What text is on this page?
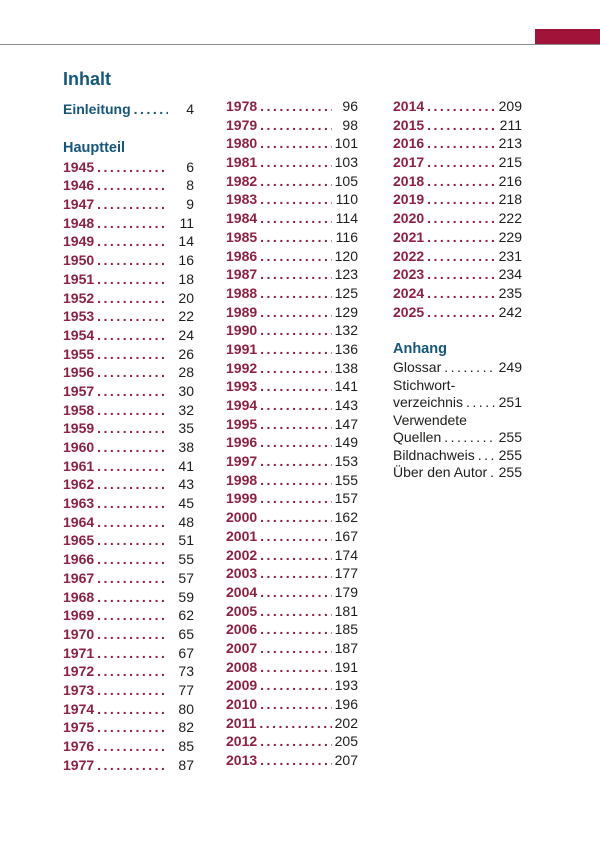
Inhalt
Einleitung .....	4
Hauptteil
1945 .....	6
1946 .....	8
1947 .....	9
1948 .....	11
1949 .....	14
1950 .....	16
1951 .....	18
1952 .....	20
1953 .....	22
1954 .....	24
1955 .....	26
1956 .....	28
1957 .....	30
1958 .....	32
1959 .....	35
1960 .....	38
1961 .....	41
1962 .....	43
1963 .....	45
1964 .....	48
1965 .....	51
1966 .....	55
1967 .....	57
1968 .....	59
1969 .....	62
1970 .....	65
1971 .....	67
1972 .....	73
1973 .....	77
1974 .....	80
1975 .....	82
1976 .....	85
1977 .....	87
1978 .....	96
1979 .....	98
1980 .....	101
1981 .....	103
1982 .....	105
1983 .....	110
1984 .....	114
1985 .....	116
1986 .....	120
1987 .....	123
1988 .....	125
1989 .....	129
1990 .....	132
1991 .....	136
1992 .....	138
1993 .....	141
1994 .....	143
1995 .....	147
1996 .....	149
1997 .....	153
1998 .....	155
1999 .....	157
2000 .....	162
2001 .....	167
2002 .....	174
2003 .....	177
2004 .....	179
2005 .....	181
2006 .....	185
2007 .....	187
2008 .....	191
2009 .....	193
2010 .....	196
2011 .....	202
2012 .....	205
2013 .....	207
2014 .....	209
2015 .....	211
2016 .....	213
2017 .....	215
2018 .....	216
2019 .....	218
2020 .....	222
2021 .....	229
2022 .....	231
2023 .....	234
2024 .....	235
2025 .....	242
Anhang
Glossar .....	249
Stichwort-
verzeichnis .....	251
Verwendete
Quellen .....	255
Bildnachweis ..... 255
Über den Autor ..... 255
